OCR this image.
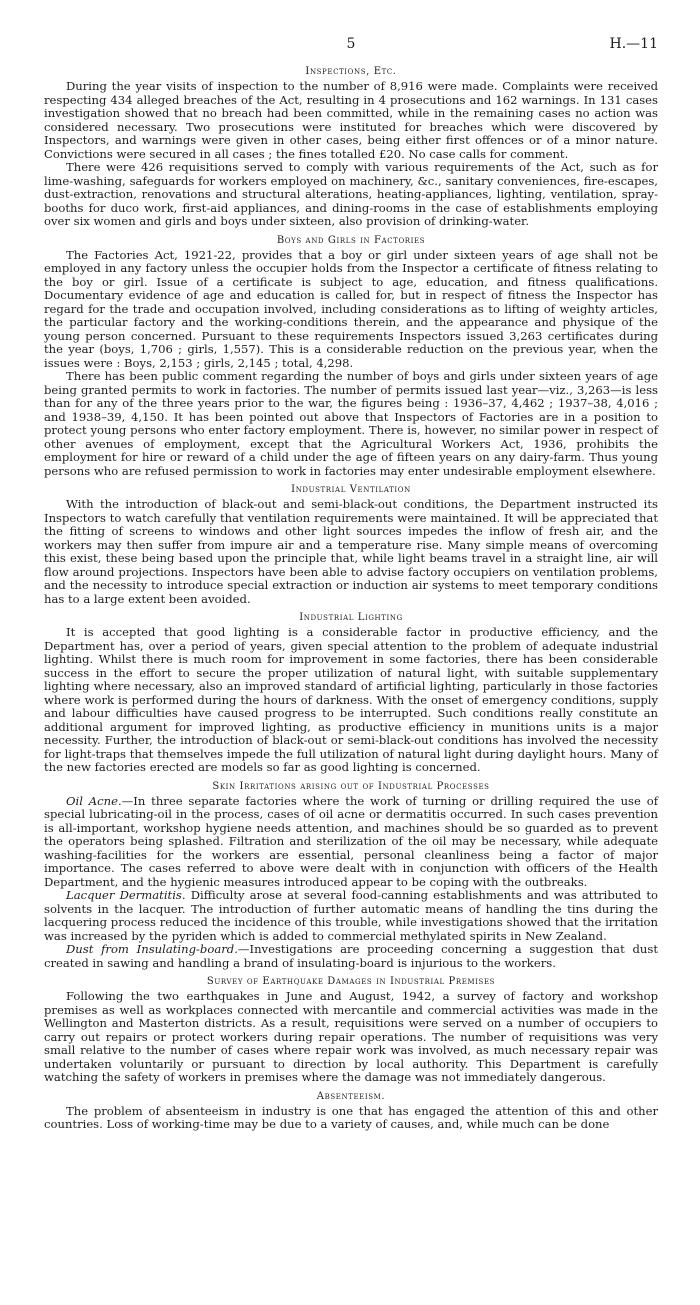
5	H.—11
Inspections, Etc.

During the year visits of inspection to the number of 8,916 were made. Complaints were received respecting 434 alleged breaches of the Act, resulting in 4 prosecutions and 162 warnings. In 131 cases investigation showed that no breach had been committed, while in the remaining cases no action was considered necessary. Two prosecutions were instituted for breaches which were discovered by Inspectors, and warnings were given in other cases, being either first offences or of a minor nature. Convictions were secured in all cases ; the fines totalled £20. No case calls for comment.

There were 426 requisitions served to comply with various requirements of the Act, such as for lime-washing, safeguards for workers employed on machinery, &c., sanitary conveniences, fire-escapes, dust-extraction, renovations and structural alterations, heating-appliances, lighting, ventilation, spray-booths for duco work, first-aid appliances, and dining-rooms in the case of establishments employing over six women and girls and boys under sixteen, also provision of drinking-water.

Boys and Girls in Factories

The Factories Act, 1921-22, provides that a boy or girl under sixteen years of age shall not be employed in any factory unless the occupier holds from the Inspector a certificate of fitness relating to the boy or girl. Issue of a certificate is subject to age, education, and fitness qualifications. Documentary evidence of age and education is called for, but in respect of fitness the Inspector has regard for the trade and occupation involved, including considerations as to lifting of weighty articles, the particular factory and the working-conditions therein, and the appearance and physique of the young person concerned. Pursuant to these requirements Inspectors issued 3,263 certificates during the year (boys, 1,706 ; girls, 1,557). This is a considerable reduction on the previous year, when the issues were : Boys, 2,153 ; girls, 2,145 ; total, 4,298.

There has been public comment regarding the number of boys and girls under sixteen years of age being granted permits to work in factories. The number of permits issued last year—viz., 3,263—is less than for any of the three years prior to the war, the figures being : 1936–37, 4,462 ; 1937–38, 4,016 ; and 1938–39, 4,150. It has been pointed out above that Inspectors of Factories are in a position to protect young persons who enter factory employment. There is, however, no similar power in respect of other avenues of employment, except that the Agricultural Workers Act, 1936, prohibits the employment for hire or reward of a child under the age of fifteen years on any dairy-farm. Thus young persons who are refused permission to work in factories may enter undesirable employment elsewhere.

Industrial Ventilation

With the introduction of black-out and semi-black-out conditions, the Department instructed its Inspectors to watch carefully that ventilation requirements were maintained. It will be appreciated that the fitting of screens to windows and other light sources impedes the inflow of fresh air, and the workers may then suffer from impure air and a temperature rise. Many simple means of overcoming this exist, these being based upon the principle that, while light beams travel in a straight line, air will flow around projections. Inspectors have been able to advise factory occupiers on ventilation problems, and the necessity to introduce special extraction or induction air systems to meet temporary conditions has to a large extent been avoided.

Industrial Lighting

It is accepted that good lighting is a considerable factor in productive efficiency, and the Department has, over a period of years, given special attention to the problem of adequate industrial lighting. Whilst there is much room for improvement in some factories, there has been considerable success in the effort to secure the proper utilization of natural light, with suitable supplementary lighting where necessary, also an improved standard of artificial lighting, particularly in those factories where work is performed during the hours of darkness. With the onset of emergency conditions, supply and labour difficulties have caused progress to be interrupted. Such conditions really constitute an additional argument for improved lighting, as productive efficiency in munitions units is a major necessity. Further, the introduction of black-out or semi-black-out conditions has involved the necessity for light-traps that themselves impede the full utilization of natural light during daylight hours. Many of the new factories erected are models so far as good lighting is concerned.

Skin Irritations arising out of Industrial Processes

Oil Acne.—In three separate factories where the work of turning or drilling required the use of special lubricating-oil in the process, cases of oil acne or dermatitis occurred. In such cases prevention is all-important, workshop hygiene needs attention, and machines should be so guarded as to prevent the operators being splashed. Filtration and sterilization of the oil may be necessary, while adequate washing-facilities for the workers are essential, personal cleanliness being a factor of major importance. The cases referred to above were dealt with in conjunction with officers of the Health Department, and the hygienic measures introduced appear to be coping with the outbreaks.

Lacquer Dermatitis. Difficulty arose at several food-canning establishments and was attributed to solvents in the lacquer. The introduction of further automatic means of handling the tins during the lacquering process reduced the incidence of this trouble, while investigations showed that the irritation was increased by the pyriden which is added to commercial methylated spirits in New Zealand.

Dust from Insulating-board.—Investigations are proceeding concerning a suggestion that dust created in sawing and handling a brand of insulating-board is injurious to the workers.

Survey of Earthquake Damages in Industrial Premises

Following the two earthquakes in June and August, 1942, a survey of factory and workshop premises as well as workplaces connected with mercantile and commercial activities was made in the Wellington and Masterton districts. As a result, requisitions were served on a number of occupiers to carry out repairs or protect workers during repair operations. The number of requisitions was very small relative to the number of cases where repair work was involved, as much necessary repair was undertaken voluntarily or pursuant to direction by local authority. This Department is carefully watching the safety of workers in premises where the damage was not immediately dangerous.

Absenteeism.

The problem of absenteeism in industry is one that has engaged the attention of this and other countries. Loss of working-time may be due to a variety of causes, and, while much can be done
